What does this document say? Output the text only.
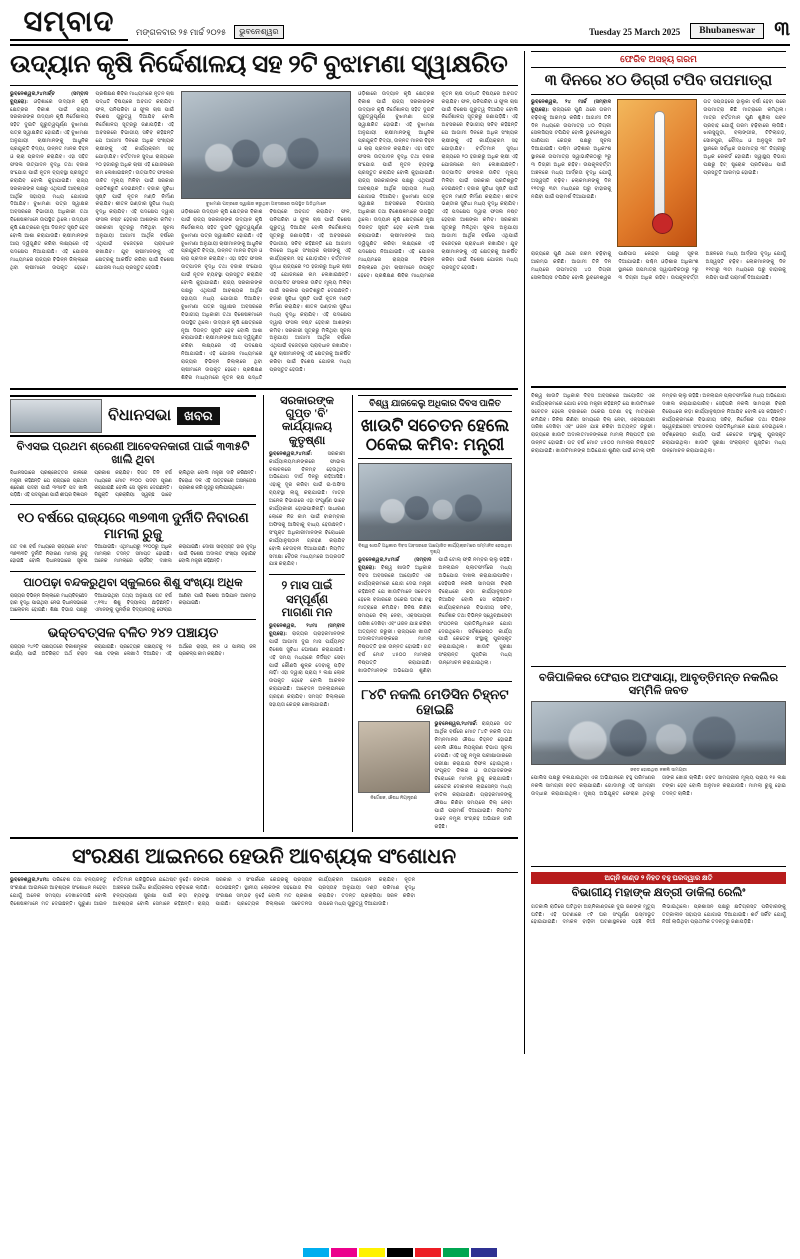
ସମ୍ବାଦ	ମଙ୍ଗଳବାର ୨୫ ମାର୍ଚ୍ଚ ୨୦୨୫	ଭୁବନେଶ୍ୱର	Tuesday 25 March 2025	Bhubaneswar ୩
ଉଦ୍ୟାନ କୃଷି ନିର୍ଦ୍ଦେଶାଳୟ ସହ ୨ଟି ବୁଝାମଣା ସ୍ୱାକ୍ଷରିତ
ଭୁବନେଶ୍ୱର,୨୪ମାର୍ଚ୍ଚ୍ଚ (ସମ୍ବାଦ ବ୍ୟୁରୋ): ଓଡ଼ିଶାରେ ଉଦ୍ୟାନ କୃଷି କ୍ଷେତ୍ରର ବିକାଶ ପାଇଁ ରାଜ୍ୟ ସରକାରଙ୍କ ଉଦ୍ୟାନ କୃଷି ନିର୍ଦ୍ଦେଶାଳୟ ସହିତ ଦୁଇଟି ଗୁରୁତ୍ୱପୂର୍ଣ୍ଣ ବୁଝାମଣା ପତ୍ର ସ୍ୱାକ୍ଷରିତ ହୋଇଛି। ଏହି ବୁଝାମଣା ଅନୁଯାୟୀ ଚାଷୀମାନଙ୍କୁ ଆଧୁନିକ ପ୍ରଯୁକ୍ତି ବିଦ୍ୟା, ଉନ୍ନତ ମାନର ବିହନ ଓ ଚାରା ପ୍ରଦାନ କରାଯିବ। ଏହା ସହିତ ଫସଲ ଉତ୍ପାଦନ ବୃଦ୍ଧି ତଥା ବଜାର ସଂଯୋଗ ପାଇଁ ନୂତନ ବ୍ୟବସ୍ଥା ପ୍ରସ୍ତୁତ କରାଯିବ ବୋଲି କୁହାଯାଇଛି। ରାଜ୍ୟ ସରକାରଙ୍କ ପକ୍ଷରୁ ଏଥିପାଇଁ ଆବଶ୍ୟକ ଆର୍ଥିକ ସହାୟତା ମଧ୍ୟ ଯୋଗାଇ ଦିଆଯିବ। ବୁଝାମଣା ପତ୍ର ସ୍ୱାକ୍ଷର ଅବସରରେ ବିଭାଗୀୟ ଅଧିକାରୀ ତଥା ବିଶେଷଜ୍ଞମାନେ ଉପସ୍ଥିତ ଥିଲେ। ଉଦ୍ୟାନ କୃଷି କ୍ଷେତ୍ରରେ ନୂଆ ଦିଗନ୍ତ ସୃଷ୍ଟି ହେବ ବୋଲି ଆଶା କରାଯାଉଛି। ଚାଷୀମାନଙ୍କ ଆୟ ଦ୍ୱିଗୁଣିତ କରିବା ଲକ୍ଷ୍ୟରେ ଏହି ପଦକ୍ଷେପ ନିଆଯାଇଛି। ଏହି ଯୋଜନା ମାଧ୍ୟମରେ ରାଜ୍ୟର ବିଭିନ୍ନ ଜିଲ୍ଲାରେ ଥିବା ଚାଷୀମାନେ ଉପକୃତ ହେବେ। ପ୍ରଶିକ୍ଷଣ ଶିବିର ମାଧ୍ୟମରେ ନୂତନ ଚାଷ ପଦ୍ଧତି ବିଷୟରେ ଅବଗତ କରାଯିବ। ଫଳ, ପନିପରିବା ଓ ଫୁଲ ଚାଷ ପାଇଁ ବିଶେଷ ଗୁରୁତ୍ୱ ଦିଆଯିବ ବୋଲି ନିର୍ଦ୍ଦେଶାଳୟ ସୂତ୍ରରୁ ଜଣାପଡ଼ିଛି। ଏହି ଅବସରରେ ବିଭାଗୀୟ ସଚିବ କହିଛନ୍ତି ଯେ ଆଗାମୀ ଦିନରେ ଅଧିକ ସଂଖ୍ୟକ ଚାଷୀଙ୍କୁ ଏହି କାର୍ଯ୍ୟକ୍ରମ ସହ ଯୋଡ଼ାଯିବ। ବର୍ତ୍ତମାନ ସୁଦ୍ଧା ରାଜ୍ୟରେ ୨୦ ହଜାରରୁ ଅଧିକ ଚାଷୀ ଏହି ଯୋଜନାରେ ନାମ ଲେଖାଇଛନ୍ତି। ଉତ୍ପାଦିତ ଫସଲର ଉଚିତ ମୂଲ୍ୟ ମିଳିବା ପାଇଁ ସରକାର ପ୍ରତିଶ୍ରୁତି ଦେଇଛନ୍ତି। ବଜାର ସୁବିଧା ସୃଷ୍ଟି ପାଇଁ ନୂତନ ମଣ୍ଡି ନିର୍ମାଣ କରାଯିବ। ଶୀତଳ ଭଣ୍ଡାର ସୁବିଧା ମଧ୍ୟ ବୃଦ୍ଧି କରାଯିବ। ଏହି ପଦକ୍ଷେପ ଦ୍ୱାରା ଫସଲ ନଷ୍ଟ ହେବାର ଆଶଙ୍କା କମିବ। ସରକାରୀ ସୂତ୍ରରୁ ମିଳିଥିବା ସୂଚନା ଅନୁଯାୟୀ ଆଗାମୀ ଆର୍ଥିକ ବର୍ଷରେ ଏଥିପାଇଁ ବଜେଟ୍‌ରେ ପ୍ରାବଧାନ ରଖାଯିବ। ଯୁବ ଚାଷୀମାନଙ୍କୁ ଏହି କ୍ଷେତ୍ରକୁ ଆକର୍ଷିତ କରିବା ପାଇଁ ବିଶେଷ ଯୋଜନା ମଧ୍ୟ ପ୍ରସ୍ତୁତ ହେଉଛି।
ବୁଝାମଣା ପତ୍ରରେ ସ୍ୱାକ୍ଷର କରୁଥିବା ଅବସରରେ ଉପସ୍ଥିତ ଅତିଥିମାନେ
ଓଡ଼ିଶାରେ ଉଦ୍ୟାନ କୃଷି କ୍ଷେତ୍ରର ବିକାଶ ପାଇଁ ରାଜ୍ୟ ସରକାରଙ୍କ ଉଦ୍ୟାନ କୃଷି ନିର୍ଦ୍ଦେଶାଳୟ ସହିତ ଦୁଇଟି ଗୁରୁତ୍ୱପୂର୍ଣ୍ଣ ବୁଝାମଣା ପତ୍ର ସ୍ୱାକ୍ଷରିତ ହୋଇଛି। ଏହି ବୁଝାମଣା ଅନୁଯାୟୀ ଚାଷୀମାନଙ୍କୁ ଆଧୁନିକ ପ୍ରଯୁକ୍ତି ବିଦ୍ୟା, ଉନ୍ନତ ମାନର ବିହନ ଓ ଚାରା ପ୍ରଦାନ କରାଯିବ। ଏହା ସହିତ ଫସଲ ଉତ୍ପାଦନ ବୃଦ୍ଧି ତଥା ବଜାର ସଂଯୋଗ ପାଇଁ ନୂତନ ବ୍ୟବସ୍ଥା ପ୍ରସ୍ତୁତ କରାଯିବ ବୋଲି କୁହାଯାଇଛି। ରାଜ୍ୟ ସରକାରଙ୍କ ପକ୍ଷରୁ ଏଥିପାଇଁ ଆବଶ୍ୟକ ଆର୍ଥିକ ସହାୟତା ମଧ୍ୟ ଯୋଗାଇ ଦିଆଯିବ। ବୁଝାମଣା ପତ୍ର ସ୍ୱାକ୍ଷର ଅବସରରେ ବିଭାଗୀୟ ଅଧିକାରୀ ତଥା ବିଶେଷଜ୍ଞମାନେ ଉପସ୍ଥିତ ଥିଲେ। ଉଦ୍ୟାନ କୃଷି କ୍ଷେତ୍ରରେ ନୂଆ ଦିଗନ୍ତ ସୃଷ୍ଟି ହେବ ବୋଲି ଆଶା କରାଯାଉଛି। ଚାଷୀମାନଙ୍କ ଆୟ ଦ୍ୱିଗୁଣିତ କରିବା ଲକ୍ଷ୍ୟରେ ଏହି ପଦକ୍ଷେପ ନିଆଯାଇଛି। ଏହି ଯୋଜନା ମାଧ୍ୟମରେ ରାଜ୍ୟର ବିଭିନ୍ନ ଜିଲ୍ଲାରେ ଥିବା ଚାଷୀମାନେ ଉପକୃତ ହେବେ। ପ୍ରଶିକ୍ଷଣ ଶିବିର ମାଧ୍ୟମରେ ନୂତନ ଚାଷ ପଦ୍ଧତି ବିଷୟରେ ଅବଗତ କରାଯିବ। ଫଳ, ପନିପରିବା ଓ ଫୁଲ ଚାଷ ପାଇଁ ବିଶେଷ ଗୁରୁତ୍ୱ ଦିଆଯିବ ବୋଲି ନିର୍ଦ୍ଦେଶାଳୟ ସୂତ୍ରରୁ ଜଣାପଡ଼ିଛି। ଏହି ଅବସରରେ ବିଭାଗୀୟ ସଚିବ କହିଛନ୍ତି ଯେ ଆଗାମୀ ଦିନରେ ଅଧିକ ସଂଖ୍ୟକ ଚାଷୀଙ୍କୁ ଏହି କାର୍ଯ୍ୟକ୍ରମ ସହ ଯୋଡ଼ାଯିବ। ବର୍ତ୍ତମାନ ସୁଦ୍ଧା ରାଜ୍ୟରେ ୨୦ ହଜାରରୁ ଅଧିକ ଚାଷୀ ଏହି ଯୋଜନାରେ ନାମ ଲେଖାଇଛନ୍ତି। ଉତ୍ପାଦିତ ଫସଲର ଉଚିତ ମୂଲ୍ୟ ମିଳିବା ପାଇଁ ସରକାର ପ୍ରତିଶ୍ରୁତି ଦେଇଛନ୍ତି। ବଜାର ସୁବିଧା ସୃଷ୍ଟି ପାଇଁ ନୂତନ ମଣ୍ଡି ନିର୍ମାଣ କରାଯିବ। ଶୀତଳ ଭଣ୍ଡାର ସୁବିଧା ମଧ୍ୟ ବୃଦ୍ଧି କରାଯିବ। ଏହି ପଦକ୍ଷେପ ଦ୍ୱାରା ଫସଲ ନଷ୍ଟ ହେବାର ଆଶଙ୍କା କମିବ। ସରକାରୀ ସୂତ୍ରରୁ ମିଳିଥିବା ସୂଚନା ଅନୁଯାୟୀ ଆଗାମୀ ଆର୍ଥିକ ବର୍ଷରେ ଏଥିପାଇଁ ବଜେଟ୍‌ରେ ପ୍ରାବଧାନ ରଖାଯିବ। ଯୁବ ଚାଷୀମାନଙ୍କୁ ଏହି କ୍ଷେତ୍ରକୁ ଆକର୍ଷିତ କରିବା ପାଇଁ ବିଶେଷ ଯୋଜନା ମଧ୍ୟ ପ୍ରସ୍ତୁତ ହେଉଛି।
ଓଡ଼ିଶାରେ ଉଦ୍ୟାନ କୃଷି କ୍ଷେତ୍ରର ବିକାଶ ପାଇଁ ରାଜ୍ୟ ସରକାରଙ୍କ ଉଦ୍ୟାନ କୃଷି ନିର୍ଦ୍ଦେଶାଳୟ ସହିତ ଦୁଇଟି ଗୁରୁତ୍ୱପୂର୍ଣ୍ଣ ବୁଝାମଣା ପତ୍ର ସ୍ୱାକ୍ଷରିତ ହୋଇଛି। ଏହି ବୁଝାମଣା ଅନୁଯାୟୀ ଚାଷୀମାନଙ୍କୁ ଆଧୁନିକ ପ୍ରଯୁକ୍ତି ବିଦ୍ୟା, ଉନ୍ନତ ମାନର ବିହନ ଓ ଚାରା ପ୍ରଦାନ କରାଯିବ। ଏହା ସହିତ ଫସଲ ଉତ୍ପାଦନ ବୃଦ୍ଧି ତଥା ବଜାର ସଂଯୋଗ ପାଇଁ ନୂତନ ବ୍ୟବସ୍ଥା ପ୍ରସ୍ତୁତ କରାଯିବ ବୋଲି କୁହାଯାଇଛି। ରାଜ୍ୟ ସରକାରଙ୍କ ପକ୍ଷରୁ ଏଥିପାଇଁ ଆବଶ୍ୟକ ଆର୍ଥିକ ସହାୟତା ମଧ୍ୟ ଯୋଗାଇ ଦିଆଯିବ। ବୁଝାମଣା ପତ୍ର ସ୍ୱାକ୍ଷର ଅବସରରେ ବିଭାଗୀୟ ଅଧିକାରୀ ତଥା ବିଶେଷଜ୍ଞମାନେ ଉପସ୍ଥିତ ଥିଲେ। ଉଦ୍ୟାନ କୃଷି କ୍ଷେତ୍ରରେ ନୂଆ ଦିଗନ୍ତ ସୃଷ୍ଟି ହେବ ବୋଲି ଆଶା କରାଯାଉଛି। ଚାଷୀମାନଙ୍କ ଆୟ ଦ୍ୱିଗୁଣିତ କରିବା ଲକ୍ଷ୍ୟରେ ଏହି ପଦକ୍ଷେପ ନିଆଯାଇଛି। ଏହି ଯୋଜନା ମାଧ୍ୟମରେ ରାଜ୍ୟର ବିଭିନ୍ନ ଜିଲ୍ଲାରେ ଥିବା ଚାଷୀମାନେ ଉପକୃତ ହେବେ। ପ୍ରଶିକ୍ଷଣ ଶିବିର ମାଧ୍ୟମରେ ନୂତନ ଚାଷ ପଦ୍ଧତି ବିଷୟରେ ଅବଗତ କରାଯିବ। ଫଳ, ପନିପରିବା ଓ ଫୁଲ ଚାଷ ପାଇଁ ବିଶେଷ ଗୁରୁତ୍ୱ ଦିଆଯିବ ବୋଲି ନିର୍ଦ୍ଦେଶାଳୟ ସୂତ୍ରରୁ ଜଣାପଡ଼ିଛି। ଏହି ଅବସରରେ ବିଭାଗୀୟ ସଚିବ କହିଛନ୍ତି ଯେ ଆଗାମୀ ଦିନରେ ଅଧିକ ସଂଖ୍ୟକ ଚାଷୀଙ୍କୁ ଏହି କାର୍ଯ୍ୟକ୍ରମ ସହ ଯୋଡ଼ାଯିବ। ବର୍ତ୍ତମାନ ସୁଦ୍ଧା ରାଜ୍ୟରେ ୨୦ ହଜାରରୁ ଅଧିକ ଚାଷୀ ଏହି ଯୋଜନାରେ ନାମ ଲେଖାଇଛନ୍ତି। ଉତ୍ପାଦିତ ଫସଲର ଉଚିତ ମୂଲ୍ୟ ମିଳିବା ପାଇଁ ସରକାର ପ୍ରତିଶ୍ରୁତି ଦେଇଛନ୍ତି। ବଜାର ସୁବିଧା ସୃଷ୍ଟି ପାଇଁ ନୂତନ ମଣ୍ଡି ନିର୍ମାଣ କରାଯିବ। ଶୀତଳ ଭଣ୍ଡାର ସୁବିଧା ମଧ୍ୟ ବୃଦ୍ଧି କରାଯିବ। ଏହି ପଦକ୍ଷେପ ଦ୍ୱାରା ଫସଲ ନଷ୍ଟ ହେବାର ଆଶଙ୍କା କମିବ। ସରକାରୀ ସୂତ୍ରରୁ ମିଳିଥିବା ସୂଚନା ଅନୁଯାୟୀ ଆଗାମୀ ଆର୍ଥିକ ବର୍ଷରେ ଏଥିପାଇଁ ବଜେଟ୍‌ରେ ପ୍ରାବଧାନ ରଖାଯିବ। ଯୁବ ଚାଷୀମାନଙ୍କୁ ଏହି କ୍ଷେତ୍ରକୁ ଆକର୍ଷିତ କରିବା ପାଇଁ ବିଶେଷ ଯୋଜନା ମଧ୍ୟ ପ୍ରସ୍ତୁତ ହେଉଛି।
ବିଧାନସଭା	ଖବର
ବିଏସଇ ପ୍ରଥମ ଶ୍ରେଣୀ ଆବେଦନକାରୀ ପାଇଁ ୩୩୫ଟି ଖାଲି ଥିବା
ବିଧାନସଭାରେ ପ୍ରଶ୍ନୋତ୍ତର କାଳରେ ମନ୍ତ୍ରୀ କହିଛନ୍ତି ଯେ ରାଜ୍ୟରେ ପ୍ରଥମ ଶ୍ରେଣୀ ପଦବୀ ପାଇଁ ୩୩୫ଟି ପଦ ଖାଲି ପଡ଼ିଛି। ଏହି ପଦପୂରଣ ପାଇଁ ଶୀଘ୍ର ବିଜ୍ଞାପନ ପ୍ରକାଶ କରାଯିବ। ବିଗତ ତିନି ବର୍ଷ ମଧ୍ୟରେ ମୋଟ ୧୨୦୦ ପଦବୀ ପୂରଣ କରାଯାଇଛି ବୋଲି ସେ ସୂଚନା ଦେଇଛନ୍ତି। ନିଯୁକ୍ତି ପ୍ରକ୍ରିୟା ସ୍ୱଚ୍ଛ ଭାବେ ଚାଲିଥିବା ବୋଲି ମନ୍ତ୍ରୀ ଦାବି କରିଛନ୍ତି। ବିରୋଧୀ ଦଳ ଏହି ଉତ୍ତରରେ ଅସନ୍ତୋଷ ପ୍ରକାଶ କରି ଗୃହରୁ ଚାଲିଯାଇଥିଲେ।
୧୦ ବର୍ଷରେ ରାଜ୍ୟରେ ୩୭୩୩ ଦୁର୍ନୀତି ନିବାରଣ ମାମଲା ରୁଜୁ
ଗତ ଦଶ ବର୍ଷ ମଧ୍ୟରେ ରାଜ୍ୟରେ ମୋଟ ୩୭୩୩ଟି ଦୁର୍ନୀତି ନିବାରଣ ମାମଲା ରୁଜୁ ହୋଇଛି ବୋଲି ବିଧାନସଭାରେ ସୂଚନା ଦିଆଯାଇଛି। ଏଥିମଧ୍ୟରୁ ୨୧୦୦ରୁ ଅଧିକ ମାମଲାର ତଦନ୍ତ ସମାପ୍ତ ହୋଇଛି। ଅନେକ ମାମଲାରେ ଚାର୍ଜସିଟ୍‌ ଦାଖଲ କରାଯାଇଛି। ଦୋଷୀ ସାବ୍ୟସ୍ତ ହାର ବୃଦ୍ଧି ପାଇଁ ବିଶେଷ ଅଦାଲତ ସଂଖ୍ୟା ବଢ଼ାଯିବ ବୋଲି ମନ୍ତ୍ରୀ କହିଛନ୍ତି।
ପାଠପଢ଼ା ବନ୍ଦକରୁଥିବା ସ୍କୁଲରେ ଶିଶୁ ସଂଖ୍ୟା ଅଧିକ
ରାଜ୍ୟର ବିଭିନ୍ନ ଜିଲ୍ଲାରେ ମଧ୍ୟବିଚ୍ଛେଦ ହାର ବୃଦ୍ଧି ପାଇଥିବା ନେଇ ବିଧାନସଭାରେ ଆଲୋଚନା ହୋଇଛି। ଶିକ୍ଷା ବିଭାଗ ପକ୍ଷରୁ ଦିଆଯାଇଥିବା ତଥ୍ୟ ଅନୁଯାୟୀ ଗତ ବର୍ଷ ୯,୧୩୪ ଶିଶୁ ବିଦ୍ୟାଳୟ ଛାଡ଼ିଛନ୍ତି। ଏମାନଙ୍କୁ ପୁନର୍ବାର ବିଦ୍ୟାଳୟକୁ ଫେରାଇ ଆଣିବା ପାଇଁ ବିଶେଷ ଅଭିଯାନ ଆରମ୍ଭ କରାଯାଇଛି।
ଭକ୍ତବତ୍ସଳ ବଳିତ ୨୪୨ ପଞ୍ଚାୟତ
ରାଜ୍ୟର ୨୪୨ଟି ପଞ୍ଚାୟତରେ ବିକାଶମୂଳକ କାର୍ଯ୍ୟ ପାଇଁ ଅତିରିକ୍ତ ଅର୍ଥ ବରାଦ କରାଯାଇଛି। ପ୍ରତ୍ୟେକ ପଞ୍ଚାୟତକୁ ୨୫ ଲକ୍ଷ ଟଙ୍କା ଲେଖାଏଁ ଦିଆଯିବ। ଏହି ଅର୍ଥରେ ରାସ୍ତା, ନାଳ ଓ ପାନୀୟ ଜଳ ପ୍ରକଳ୍ପ କାମ କରାଯିବ।
ସରକାରଙ୍କ ଗୁପ୍ତ 'ବି' କାର୍ଯ୍ୟାଳୟ କୁତୃଷ୍ଣା
ଭୁବନେଶ୍ୱର,୨୪ମାର୍ଚ୍ଚ:	ସରକାରୀ କାର୍ଯ୍ୟାଳୟମାନଙ୍କରେ ଫାଇଲ ଚଳାଚଳରେ ବିଳମ୍ବ ହେଉଥିବା ଅଭିଯୋଗ ଦୀର୍ଘ ଦିନରୁ ରହିଆସିଛି। ଏହାକୁ ଦୂର କରିବା ପାଇଁ ଇ-ଅଫିସ ବ୍ୟବସ୍ଥା ଲାଗୁ କରାଯାଇଛି। ମାତ୍ର ଅନେକ ବିଭାଗରେ ଏହା ସଂପୂର୍ଣ୍ଣ ଭାବେ କାର୍ଯ୍ୟକାରୀ ହୋଇପାରିନାହିଁ। ସାଧାରଣ ଲୋକେ ନିଜ କାମ ପାଇଁ ବାରମ୍ବାର ଅଫିସକୁ ଆସିବାକୁ ବାଧ୍ୟ ହେଉଛନ୍ତି। ସଂପୃକ୍ତ ଅଧିକାରୀମାନଙ୍କ ବିରୋଧରେ କାର୍ଯ୍ୟାନୁଷ୍ଠାନ ଗ୍ରହଣ କରାଯିବ ବୋଲି ଚେତାବନୀ ଦିଆଯାଇଛି। ନିୟମିତ ସମୀକ୍ଷା ବୈଠକ ମାଧ୍ୟମରେ ଅଗ୍ରଗତି ଯାଞ୍ଚ କରାଯିବ।
୨ ମାସ ପାଇଁ ସମ୍ପୂର୍ଣ୍ଣ ମାଗଣା ମନ
ଭୁବନେଶ୍ୱର, ୨୪ମା (ସମ୍ବାଦ ବ୍ୟୁରୋ): ରାଜ୍ୟର ଗ୍ରାହକମାନଙ୍କ ପାଇଁ ଆଗାମୀ ଦୁଇ ମାସ ପର୍ଯ୍ୟନ୍ତ ବିଶେଷ ସୁବିଧା ଘୋଷଣା କରାଯାଇଛି। ଏହି ସମୟ ମଧ୍ୟରେ ନିର୍ଦ୍ଦିଷ୍ଟ ସେବା ପାଇଁ କୌଣସି ଶୁଳ୍କ ଦେବାକୁ ପଡ଼ିବ ନାହିଁ। ଏହା ଦ୍ୱାରା ପ୍ରାୟ ୨ ଲକ୍ଷ ଲୋକ ଉପକୃତ ହେବେ ବୋଲି ଆକଳନ କରାଯାଇଛି। ଆବେଦନ ଅନଲାଇନରେ ଗ୍ରହଣ କରାଯିବ। ସମସ୍ତ ଜିଲ୍ଲାରେ ସହାୟତା କେନ୍ଦ୍ର ଖୋଲାଯାଇଛି।
ବିଶ୍ୱ ଯାଜକେଲୁ ଅଧିକାର ଦିବସ ପାଳିତ
ଖାଉଟି ସଚେତନ ହେଲେ ଠକେଇ କମିବ: ମନ୍ତ୍ରୀ
ବିଶ୍ୱ ଖାଉଟି ଅଧିକାର ଦିବସ ଅବସରରେ ଆୟୋଜିତ କାର୍ଯ୍ୟକ୍ରମରେ ସମ୍ମାନିତ ହେଉଥିବା ଦୃଶ୍ୟ
ଭୁବନେଶ୍ୱର,୨୪ମାର୍ଚ୍ଚ (ସମ୍ବାଦ ବ୍ୟୁରୋ): ବିଶ୍ୱ ଖାଉଟି ଅଧିକାର ଦିବସ ଅବସରରେ ଆୟୋଜିତ ଏକ କାର୍ଯ୍ୟକ୍ରମରେ ଯୋଗ ଦେଇ ମନ୍ତ୍ରୀ କହିଛନ୍ତି ଯେ ଖାଉଟିମାନେ ସଚେତନ ହେଲେ ବଜାରରେ ଠକେଇ ଘଟଣା ବହୁ ମାତ୍ରାରେ କମିଯିବ। ଜିନିଷ କିଣିବା ସମୟରେ ବିଲ୍‌ ନେବା, ଏକ୍ସପାୟରୀ ତାରିଖ ଦେଖିବା ଏବଂ ଓଜନ ଯାଞ୍ଚ କରିବା ଅତ୍ୟନ୍ତ ଜରୁରୀ। ରାଜ୍ୟରେ ଖାଉଟି ଅଦାଲତମାନଙ୍କରେ ମାମଲା ନିଷ୍ପତ୍ତି ହାର ଉନ୍ନତ ହୋଇଛି। ଗତ ବର୍ଷ ମୋଟ ୪୫୦୦ ମାମଲାର ନିଷ୍ପତ୍ତି କରାଯାଇଛି। ଖାଉଟିମାନଙ୍କ ଅଭିଯୋଗ ଶୁଣିବା ପାଇଁ ଟୋଲ୍‌ ଫ୍ରି ନମ୍ବର ଚାଲୁ ରହିଛି। ଅନଲାଇନ ପ୍ଲାଟଫର୍ମରେ ମଧ୍ୟ ଅଭିଯୋଗ ଦାଖଲ କରାଯାଇପାରିବ। ସେହିପରି ନକଲି ସାମଗ୍ରୀ ବିକ୍ରି ବିରୋଧରେ କଡ଼ା କାର୍ଯ୍ୟାନୁଷ୍ଠାନ ନିଆଯିବ ବୋଲି ସେ କହିଛନ୍ତି। କାର୍ଯ୍ୟକ୍ରମରେ ବିଭାଗୀୟ ସଚିବ, ନିର୍ଦ୍ଦେଶକ ତଥା ବିଭିନ୍ନ ସ୍ୱେଚ୍ଛାସେବୀ ସଂଗଠନର ପ୍ରତିନିଧିମାନେ ଯୋଗ ଦେଇଥିଲେ। ସର୍ବଶ୍ରେଷ୍ଠ କାର୍ଯ୍ୟ ପାଇଁ କେତେକ ସଂସ୍ଥାକୁ ପୁରସ୍କୃତ କରାଯାଇଥିଲା। ଖାଉଟି ସୁରକ୍ଷା ସଂକ୍ରାନ୍ତ ପୁସ୍ତିକା ମଧ୍ୟ ଉନ୍ମୋଚନ କରାଯାଇଥିଲା।
୮୪ଟି ନକଲି ମେଡିସିନ ଚିହ୍ନଟ ହୋଇଛି
ନିର୍ଦ୍ଦେଶକ, ଔଷଧ ନିୟନ୍ତ୍ରଣ
ଭୁବନେଶ୍ୱର,୨୪ମାର୍ଚ୍ଚ: ରାଜ୍ୟରେ ଗତ ଆର୍ଥିକ ବର୍ଷରେ ମୋଟ ୮୪ଟି ନକଲି ତଥା ନିମ୍ନମାନର ଔଷଧ ଚିହ୍ନଟ ହୋଇଛି ବୋଲି ଔଷଧ ନିୟନ୍ତ୍ରଣ ବିଭାଗ ସୂଚନା ଦେଇଛି। ଏହି ସବୁ ନମୁନା ପରୀକ୍ଷାଗାରରେ ପରୀକ୍ଷା କରାଯାଇ ବିଫଳ ହୋଇଥିଲା। ସଂପୃକ୍ତ ଡିଲର ଓ ଉତ୍ପାଦକଙ୍କ ବିରୋଧରେ ମାମଲା ରୁଜୁ କରାଯାଇଛି। କେତେକ ଦୋକାନର ଲାଇସେନ୍ସ ମଧ୍ୟ ବାତିଲ କରାଯାଇଛି। ଗ୍ରାହକମାନଙ୍କୁ ଔଷଧ କିଣିବା ସମୟରେ ବିଲ୍‌ ନେବା ପାଇଁ ପରାମର୍ଶ ଦିଆଯାଇଛି। ନିୟମିତ ଭାବେ ନମୁନା ସଂଗ୍ରହ ଅଭିଯାନ ଜାରି ରହିଛି।
ସଂରକ୍ଷଣ ଆଇନରେ ହେଉନି ଆବଶ୍ୟକ ସଂଶୋଧନ
ଭୁବନେଶ୍ୱର,୨୪ମା: ପରିବେଶ ତଥା ବନ୍ୟଜନ୍ତୁ ସଂରକ୍ଷଣ ଆଇନରେ ଆବଶ୍ୟକ ସଂଶୋଧନ ନହେବା ଯୋଗୁଁ ଅନେକ ସମସ୍ୟା ଦେଖାଦେଉଛି ବୋଲି ବିଶେଷଜ୍ଞମାନେ ମତ ଦେଇଛନ୍ତି। ପୁରୁଣା ଆଇନ ବର୍ତ୍ତମାନ ପରିସ୍ଥିତିରେ ଯଥେଷ୍ଟ ନୁହେଁ। ଜଙ୍ଗଲ ଅଞ୍ଚଳରେ ଅବୈଧ କାର୍ଯ୍ୟକଳାପ ବଢ଼ିବାରେ ଲାଗିଛି। ବନ୍ୟପ୍ରାଣୀ ସୁରକ୍ଷା ପାଇଁ କଡ଼ା ବ୍ୟବସ୍ଥା ଆବଶ୍ୟକ ବୋଲି ସେମାନେ କହିଛନ୍ତି। ରାଜ୍ୟ ସରକାର ଏ ସଂପର୍କରେ କେନ୍ଦ୍ରକୁ ପ୍ରସ୍ତାବ ପଠାଇଛନ୍ତି। ସ୍ଥାନୀୟ ଲୋକଙ୍କ ସହଯୋଗ ବିନା ସଂରକ୍ଷଣ ସମ୍ଭବ ନୁହେଁ ବୋଲି ମତ ପ୍ରକାଶ ପାଇଛି। ପ୍ରତ୍ୟେକ ଜିଲ୍ଲାରେ ସଚେତନତା କାର୍ଯ୍ୟକ୍ରମ ଆୟୋଜନ କରାଯିବ। ନୂତନ ପ୍ରସ୍ତାବ ଅନୁଯାୟୀ ଦଣ୍ଡ ପରିମାଣ ବୃଦ୍ଧି କରାଯିବ। ତଦନ୍ତ ପ୍ରକ୍ରିୟା ସରଳ କରିବା ଉପରେ ମଧ୍ୟ ଗୁରୁତ୍ୱ ଦିଆଯାଉଛି।
ଫେରିବ ଅସହ୍ୟ ଗରମ
୩ ଦିନରେ ୪୦ ଡିଗ୍ରୀ ଟପିବ ତାପମାତ୍ରା
ଭୁବନେଶ୍ୱର, ୨୪ ମାର୍ଚ୍ଚ (ସମ୍ବାଦ ବ୍ୟୁରୋ): ରାଜ୍ୟରେ ପୁଣି ଥରେ ଗରମ ବଢ଼ିବାକୁ ଆରମ୍ଭ କରିଛି। ଆଗାମୀ ତିନି ଦିନ ମଧ୍ୟରେ ତାପମାତ୍ରା ୪୦ ଡିଗ୍ରୀ ସେଲସିୟସ ଟପିଯିବ ବୋଲି ଭୁବନେଶ୍ୱର ପାଣିପାଗ କେନ୍ଦ୍ର ପକ୍ଷରୁ ସୂଚନା ଦିଆଯାଇଛି। ପଶ୍ଚିମ ଓଡ଼ିଶାର ଅଧିକାଂଶ ସ୍ଥାନରେ ତାପମାତ୍ରା ସ୍ୱାଭାବିକଠାରୁ ୨ରୁ ୩ ଡିଗ୍ରୀ ଅଧିକ ରହିବ। ଉପକୂଳବର୍ତ୍ତୀ ଅଞ୍ଚଳରେ ମଧ୍ୟ ଆର୍ଦ୍ରତା ବୃଦ୍ଧି ଯୋଗୁଁ ଅସ୍ୱସ୍ତି ବଢ଼ିବ। ଲୋକମାନଙ୍କୁ ଦିନ ୧୧ଟାରୁ ୩ଟା ମଧ୍ୟରେ ଘରୁ ବାହାରକୁ ନଯିବା ପାଇଁ ପରାମର୍ଶ ଦିଆଯାଇଛି।
ଗତ ସପ୍ତାହରେ ହାଲୁକା ବର୍ଷା ହେବା ପରେ ତାପମାତ୍ରା କିଛି ମାତ୍ରାରେ କମିଥିଲା। ମାତ୍ର ବର୍ତ୍ତମାନ ପୁଣି ଶୁଖିଲା ପବନ ପ୍ରବାହ ଯୋଗୁଁ ଗରମ ବଢ଼ିବାରେ ଲାଗିଛି। ଝାରସୁଗୁଡ଼ା, ବଲାଙ୍ଗୀର, ଟିଟିଲାଗଡ଼, ସୋନପୁର, ବୌଦ୍ଧ ଓ ଅନୁଗୁଳ ଆଦି ସ୍ଥାନରେ ସର୍ବାଧିକ ତାପମାତ୍ରା ୩୮ ଡିଗ୍ରୀରୁ ଅଧିକ ରେକର୍ଡ ହୋଇଛି। ସ୍ୱାସ୍ଥ୍ୟ ବିଭାଗ ପକ୍ଷରୁ ହିଟ୍‌ ଷ୍ଟ୍ରୋକ ପ୍ରତିରୋଧ ପାଇଁ ପ୍ରସ୍ତୁତି ଆରମ୍ଭ ହୋଇଛି।
ରାଜ୍ୟରେ ପୁଣି ଥରେ ଗରମ ବଢ଼ିବାକୁ ଆରମ୍ଭ କରିଛି। ଆଗାମୀ ତିନି ଦିନ ମଧ୍ୟରେ ତାପମାତ୍ରା ୪୦ ଡିଗ୍ରୀ ସେଲସିୟସ ଟପିଯିବ ବୋଲି ଭୁବନେଶ୍ୱର ପାଣିପାଗ କେନ୍ଦ୍ର ପକ୍ଷରୁ ସୂଚନା ଦିଆଯାଇଛି। ପଶ୍ଚିମ ଓଡ଼ିଶାର ଅଧିକାଂଶ ସ୍ଥାନରେ ତାପମାତ୍ରା ସ୍ୱାଭାବିକଠାରୁ ୨ରୁ ୩ ଡିଗ୍ରୀ ଅଧିକ ରହିବ। ଉପକୂଳବର୍ତ୍ତୀ ଅଞ୍ଚଳରେ ମଧ୍ୟ ଆର୍ଦ୍ରତା ବୃଦ୍ଧି ଯୋଗୁଁ ଅସ୍ୱସ୍ତି ବଢ଼ିବ। ଲୋକମାନଙ୍କୁ ଦିନ ୧୧ଟାରୁ ୩ଟା ମଧ୍ୟରେ ଘରୁ ବାହାରକୁ ନଯିବା ପାଇଁ ପରାମର୍ଶ ଦିଆଯାଇଛି।
ବିଶ୍ୱ ଖାଉଟି ଅଧିକାର ଦିବସ ଅବସରରେ ଆୟୋଜିତ ଏକ କାର୍ଯ୍ୟକ୍ରମରେ ଯୋଗ ଦେଇ ମନ୍ତ୍ରୀ କହିଛନ୍ତି ଯେ ଖାଉଟିମାନେ ସଚେତନ ହେଲେ ବଜାରରେ ଠକେଇ ଘଟଣା ବହୁ ମାତ୍ରାରେ କମିଯିବ। ଜିନିଷ କିଣିବା ସମୟରେ ବିଲ୍‌ ନେବା, ଏକ୍ସପାୟରୀ ତାରିଖ ଦେଖିବା ଏବଂ ଓଜନ ଯାଞ୍ଚ କରିବା ଅତ୍ୟନ୍ତ ଜରୁରୀ। ରାଜ୍ୟରେ ଖାଉଟି ଅଦାଲତମାନଙ୍କରେ ମାମଲା ନିଷ୍ପତ୍ତି ହାର ଉନ୍ନତ ହୋଇଛି। ଗତ ବର୍ଷ ମୋଟ ୪୫୦୦ ମାମଲାର ନିଷ୍ପତ୍ତି କରାଯାଇଛି। ଖାଉଟିମାନଙ୍କ ଅଭିଯୋଗ ଶୁଣିବା ପାଇଁ ଟୋଲ୍‌ ଫ୍ରି ନମ୍ବର ଚାଲୁ ରହିଛି। ଅନଲାଇନ ପ୍ଲାଟଫର୍ମରେ ମଧ୍ୟ ଅଭିଯୋଗ ଦାଖଲ କରାଯାଇପାରିବ। ସେହିପରି ନକଲି ସାମଗ୍ରୀ ବିକ୍ରି ବିରୋଧରେ କଡ଼ା କାର୍ଯ୍ୟାନୁଷ୍ଠାନ ନିଆଯିବ ବୋଲି ସେ କହିଛନ୍ତି। କାର୍ଯ୍ୟକ୍ରମରେ ବିଭାଗୀୟ ସଚିବ, ନିର୍ଦ୍ଦେଶକ ତଥା ବିଭିନ୍ନ ସ୍ୱେଚ୍ଛାସେବୀ ସଂଗଠନର ପ୍ରତିନିଧିମାନେ ଯୋଗ ଦେଇଥିଲେ। ସର୍ବଶ୍ରେଷ୍ଠ କାର୍ଯ୍ୟ ପାଇଁ କେତେକ ସଂସ୍ଥାକୁ ପୁରସ୍କୃତ କରାଯାଇଥିଲା। ଖାଉଟି ସୁରକ୍ଷା ସଂକ୍ରାନ୍ତ ପୁସ୍ତିକା ମଧ୍ୟ ଉନ୍ମୋଚନ କରାଯାଇଥିଲା।
ବଜିପାଳିକର ଫେରାର ଅଫସାୟା, ଆବୃତ୍ତିମନ୍ତ ନକଲିର ସମ୍ମିଳି ଜବତ
ଜବତ ହୋଇଥିବା ନକଲି ସାମଗ୍ରୀ
ପୋଲିସ ପକ୍ଷରୁ ଚଳାଯାଇଥିବା ଏକ ଅଭିଯାନରେ ବହୁ ପରିମାଣର ନକଲି ସାମଗ୍ରୀ ଜବତ କରାଯାଇଛି। ଗୋଦାମରୁ ଏହି ସାମଗ୍ରୀ ଉଦ୍ଧାର କରାଯାଇଥିଲା। ମୁଖ୍ୟ ଅଭିଯୁକ୍ତ ଫେରାର ଥିବାରୁ ତାଙ୍କ ଖୋଜ ଚାଲିଛି। ଜବତ ସାମଗ୍ରୀର ମୂଲ୍ୟ ପ୍ରାୟ ୧୫ ଲକ୍ଷ ଟଙ୍କା ହେବ ବୋଲି ଅନୁମାନ କରାଯାଉଛି। ମାମଲା ରୁଜୁ ହୋଇ ତଦନ୍ତ ଚାଲିଛି।
ଅଗ୍ନି କାଣ୍ଡ ୨ ନିହତ ବହୁ ଘରଦ୍ୱାର କ୍ଷତି
ବିଭାଗୀୟ ମହାଙ୍କ କ୍ଷତ୍ରୀ ଡାକିଲା ରେଲିଂ
ଗତକାଲି ରାତିରେ ଘଟିଥିବା ଅଗ୍ନିକାଣ୍ଡରେ ଦୁଇ ଜଣଙ୍କ ମୃତ୍ୟୁ ଘଟିଛି। ଏହି ଘଟଣାରେ ୯ଟି ଘର ସଂପୂର୍ଣ୍ଣ ଭସ୍ମୀଭୂତ ହୋଇଯାଇଛି। ଦମକଳ ବାହିନୀ ଘଟଣାସ୍ଥଳରେ ପହଞ୍ଚି ନିଆଁ ଲିଭାଇଥିଲେ। ପ୍ରଶାସନ ପକ୍ଷରୁ କ୍ଷତିଗ୍ରସ୍ତ ପରିବାରଙ୍କୁ ତତ୍କାଳୀନ ସହାୟତା ଯୋଗାଇ ଦିଆଯାଇଛି। ଶର୍ଟ ସର୍କିଟ ଯୋଗୁଁ ନିଆଁ ଲାଗିଥିବା ପ୍ରାଥମିକ ତଦନ୍ତରୁ ଜଣାପଡ଼ିଛି।
